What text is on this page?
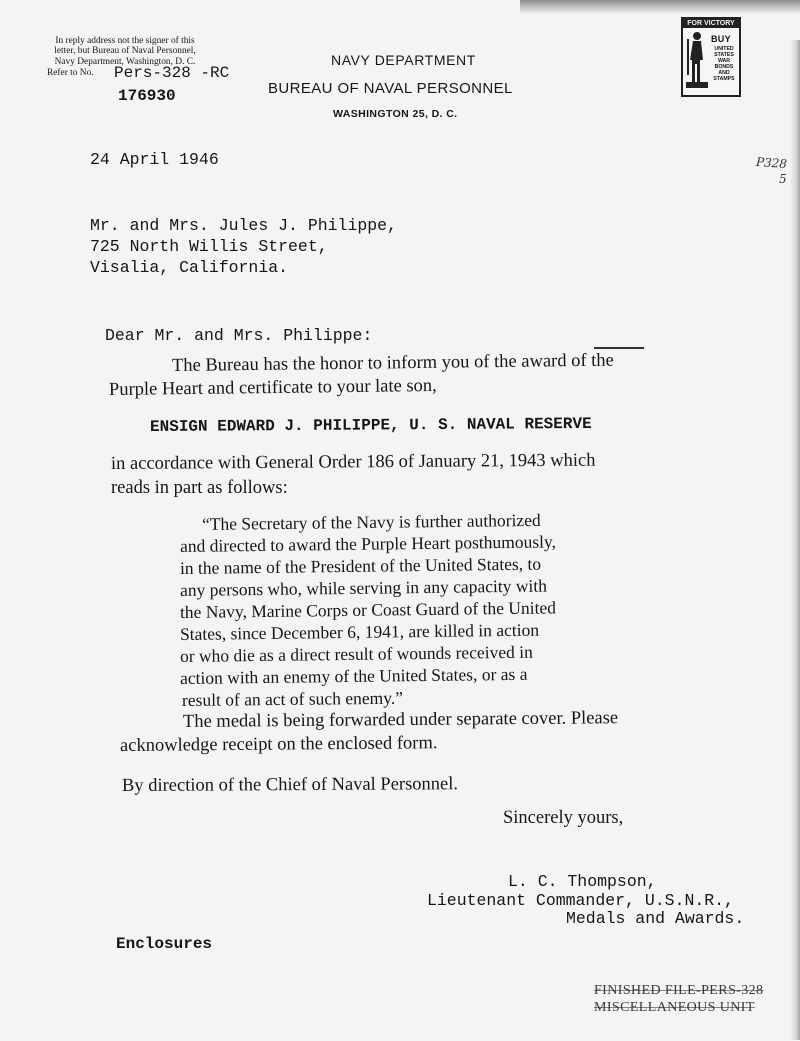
In reply address not the signer of this
letter, but Bureau of Naval Personnel,
Navy Department, Washington, D. C.
Refer to No. Pers-328 -RC
176930
NAVY DEPARTMENT
BUREAU OF NAVAL PERSONNEL
WASHINGTON 25, D. C.
FOR VICTORY
BUY
UNITED
STATES
WAR
BONDS
AND
STAMPS
P328
5
24 April 1946
Mr. and Mrs. Jules J. Philippe,
725 North Willis Street,
Visalia, California.
Dear Mr. and Mrs. Philippe:
The Bureau has the honor to inform you of the award of the
Purple Heart and certificate to your late son,
ENSIGN EDWARD J. PHILIPPE, U. S. NAVAL RESERVE
in accordance with General Order 186 of January 21, 1943 which
reads in part as follows:
“The Secretary of the Navy is further authorized
and directed to award the Purple Heart posthumously,
in the name of the President of the United States, to
any persons who, while serving in any capacity with
the Navy, Marine Corps or Coast Guard of the United
States, since December 6, 1941, are killed in action
or who die as a direct result of wounds received in
action with an enemy of the United States, or as a
result of an act of such enemy.”
The medal is being forwarded under separate cover. Please
acknowledge receipt on the enclosed form.
By direction of the Chief of Naval Personnel.
Sincerely yours,
L. C. Thompson,
Lieutenant Commander, U.S.N.R.,
Medals and Awards.
Enclosures
FINISHED FILE-PERS-328
MISCELLANEOUS UNIT
